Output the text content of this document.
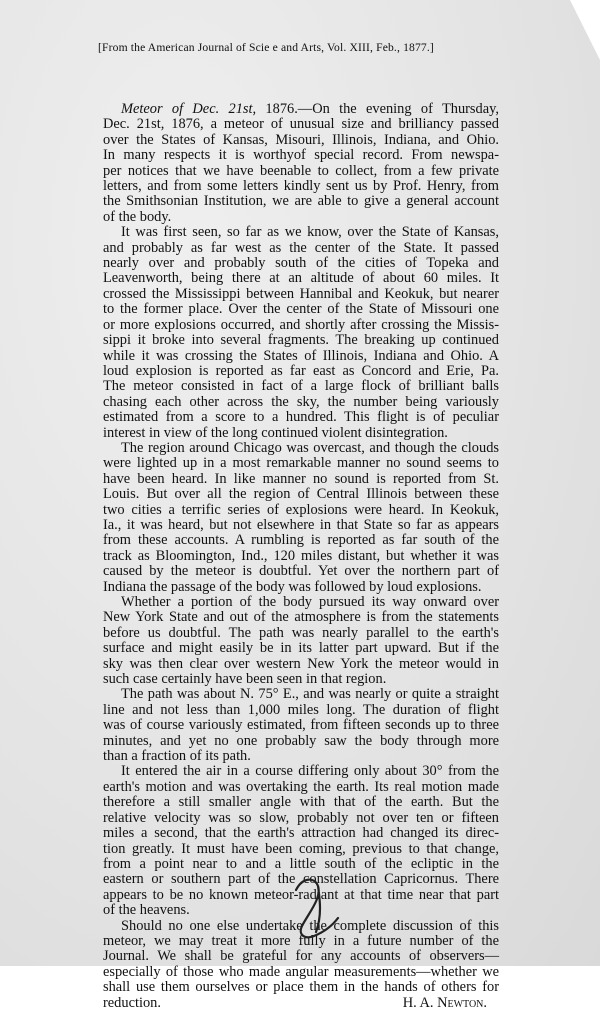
[From the American Journal of Scie e and Arts, Vol. XIII, Feb., 1877.]
Meteor of Dec. 21st, 1876.—On the evening of Thursday,
Dec. 21st, 1876, a meteor of unusual size and brilliancy passed
over the States of Kansas, Misouri, Illinois, Indiana, and Ohio.
In many respects it is worthyof special record. From newspa-
per notices that we have beenable to collect, from a few private
letters, and from some letters kindly sent us by Prof. Henry, from
the Smithsonian Institution, we are able to give a general account
of the body.
It was first seen, so far as we know, over the State of Kansas,
and probably as far west as the center of the State. It passed
nearly over and probably south of the cities of Topeka and
Leavenworth, being there at an altitude of about 60 miles. It
crossed the Mississippi between Hannibal and Keokuk, but nearer
to the former place. Over the center of the State of Missouri one
or more explosions occurred, and shortly after crossing the Missis-
sippi it broke into several fragments. The breaking up continued
while it was crossing the States of Illinois, Indiana and Ohio. A
loud explosion is reported as far east as Concord and Erie, Pa.
The meteor consisted in fact of a large flock of brilliant balls
chasing each other across the sky, the number being variously
estimated from a score to a hundred. This flight is of peculiar
interest in view of the long continued violent disintegration.
The region around Chicago was overcast, and though the clouds
were lighted up in a most remarkable manner no sound seems to
have been heard. In like manner no sound is reported from St.
Louis. But over all the region of Central Illinois between these
two cities a terrific series of explosions were heard. In Keokuk,
Ia., it was heard, but not elsewhere in that State so far as appears
from these accounts. A rumbling is reported as far south of the
track as Bloomington, Ind., 120 miles distant, but whether it was
caused by the meteor is doubtful. Yet over the northern part of
Indiana the passage of the body was followed by loud explosions.
Whether a portion of the body pursued its way onward over
New York State and out of the atmosphere is from the statements
before us doubtful. The path was nearly parallel to the earth's
surface and might easily be in its latter part upward. But if the
sky was then clear over western New York the meteor would in
such case certainly have been seen in that region.
The path was about N. 75° E., and was nearly or quite a straight
line and not less than 1,000 miles long. The duration of flight
was of course variously estimated, from fifteen seconds up to three
minutes, and yet no one probably saw the body through more
than a fraction of its path.
It entered the air in a course differing only about 30° from the
earth's motion and was overtaking the earth. Its real motion made
therefore a still smaller angle with that of the earth. But the
relative velocity was so slow, probably not over ten or fifteen
miles a second, that the earth's attraction had changed its direc-
tion greatly. It must have been coming, previous to that change,
from a point near to and a little south of the ecliptic in the
eastern or southern part of the constellation Capricornus. There
appears to be no known meteor-radiant at that time near that part
of the heavens.
Should no one else undertake the complete discussion of this
meteor, we may treat it more fully in a future number of the
Journal. We shall be grateful for any accounts of observers—
especially of those who made angular measurements—whether we
shall use them ourselves or place them in the hands of others for
reduction.	H. A. Newton.
